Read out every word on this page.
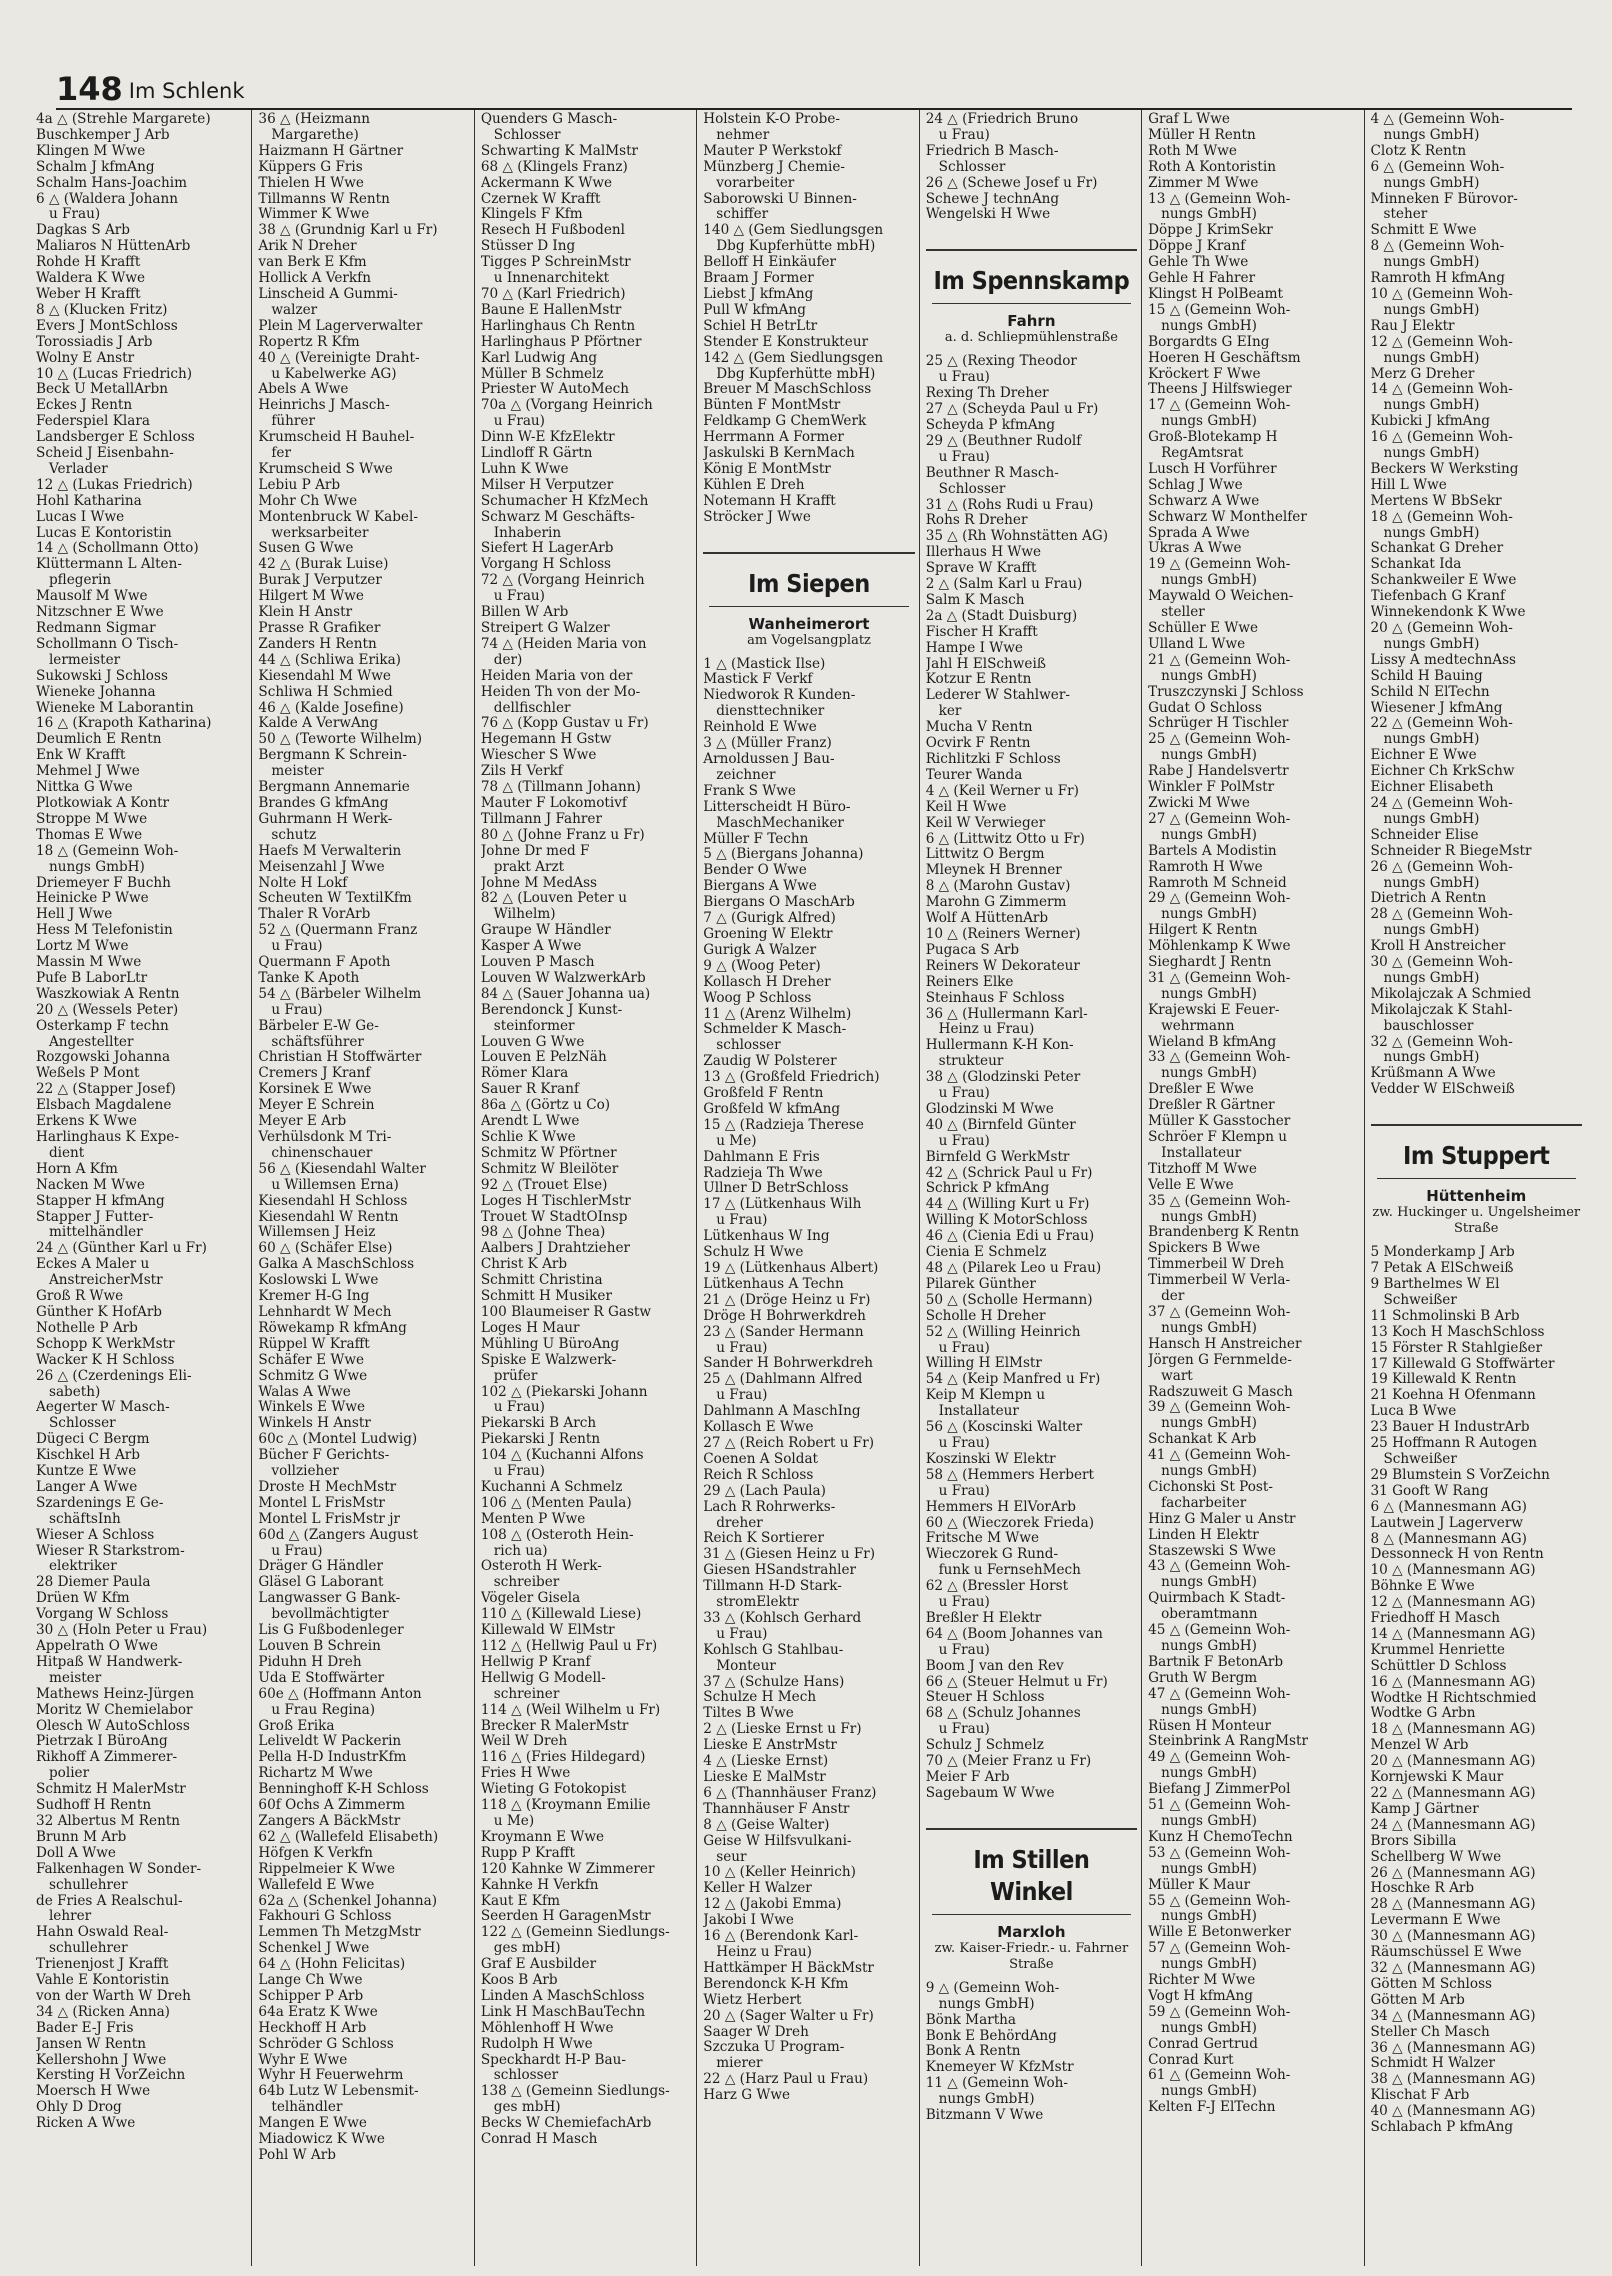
148 Im Schlenk
4a △ (Strehle Margarete)
Buschkemper J Arb
Klingen M Wwe
Schalm J kfmAng
Schalm Hans-Joachim
6 △ (Waldera Johann
u Frau)
Dagkas S Arb
Maliaros N HüttenArb
Rohde H Krafft
Waldera K Wwe
Weber H Krafft
8 △ (Klucken Fritz)
Evers J MontSchloss
Torossiadis J Arb
Wolny E Anstr
10 △ (Lucas Friedrich)
Beck U MetallArbn
Eckes J Rentn
Federspiel Klara
Landsberger E Schloss
Scheid J Eisenbahn-
Verlader
12 △ (Lukas Friedrich)
Hohl Katharina
Lucas I Wwe
Lucas E Kontoristin
14 △ (Schollmann Otto)
Klüttermann L Alten-
pflegerin
Mausolf M Wwe
Nitzschner E Wwe
Redmann Sigmar
Schollmann O Tisch-
lermeister
Sukowski J Schloss
Wieneke Johanna
Wieneke M Laborantin
16 △ (Krapoth Katharina)
Deumlich E Rentn
Enk W Krafft
Mehmel J Wwe
Nittka G Wwe
Plotkowiak A Kontr
Stroppe M Wwe
Thomas E Wwe
18 △ (Gemeinn Woh-
nungs GmbH)
Driemeyer F Buchh
Heinicke P Wwe
Hell J Wwe
Hess M Telefonistin
Lortz M Wwe
Massin M Wwe
Pufe B LaborLtr
Waszkowiak A Rentn
20 △ (Wessels Peter)
Osterkamp F techn
Angestellter
Rozgowski Johanna
Weßels P Mont
22 △ (Stapper Josef)
Elsbach Magdalene
Erkens K Wwe
Harlinghaus K Expe-
dient
Horn A Kfm
Nacken M Wwe
Stapper H kfmAng
Stapper J Futter-
mittelhändler
24 △ (Günther Karl u Fr)
Eckes A Maler u
AnstreicherMstr
Groß R Wwe
Günther K HofArb
Nothelle P Arb
Schopp K WerkMstr
Wacker K H Schloss
26 △ (Czerdenings Eli-
sabeth)
Aegerter W Masch-
Schlosser
Dügeci C Bergm
Kischkel H Arb
Kuntze E Wwe
Langer A Wwe
Szardenings E Ge-
schäftsInh
Wieser A Schloss
Wieser R Starkstrom-
elektriker
28 Diemer Paula
Drüen W Kfm
Vorgang W Schloss
30 △ (Holn Peter u Frau)
Appelrath O Wwe
Hitpaß W Handwerk-
meister
Mathews Heinz-Jürgen
Moritz W Chemielabor
Olesch W AutoSchloss
Pietrzak I BüroAng
Rikhoff A Zimmerer-
polier
Schmitz H MalerMstr
Sudhoff H Rentn
32 Albertus M Rentn
Brunn M Arb
Doll A Wwe
Falkenhagen W Sonder-
schullehrer
de Fries A Realschul-
lehrer
Hahn Oswald Real-
schullehrer
Trienenjost J Krafft
Vahle E Kontoristin
von der Warth W Dreh
34 △ (Ricken Anna)
Bader E-J Fris
Jansen W Rentn
Kellershohn J Wwe
Kersting H VorZeichn
Moersch H Wwe
Ohly D Drog
Ricken A Wwe
36 △ (Heizmann
Margarethe)
Haizmann H Gärtner
Küppers G Fris
Thielen H Wwe
Tillmanns W Rentn
Wimmer K Wwe
38 △ (Grundnig Karl u Fr)
Arik N Dreher
van Berk E Kfm
Hollick A Verkfn
Linscheid A Gummi-
walzer
Plein M Lagerverwalter
Ropertz R Kfm
40 △ (Vereinigte Draht-
u Kabelwerke AG)
Abels A Wwe
Heinrichs J Masch-
führer
Krumscheid H Bauhel-
fer
Krumscheid S Wwe
Lebiu P Arb
Mohr Ch Wwe
Montenbruck W Kabel-
werksarbeiter
Susen G Wwe
42 △ (Burak Luise)
Burak J Verputzer
Hilgert M Wwe
Klein H Anstr
Prasse R Grafiker
Zanders H Rentn
44 △ (Schliwa Erika)
Kiesendahl M Wwe
Schliwa H Schmied
46 △ (Kalde Josefine)
Kalde A VerwAng
50 △ (Teworte Wilhelm)
Bergmann K Schrein-
meister
Bergmann Annemarie
Brandes G kfmAng
Guhrmann H Werk-
schutz
Haefs M Verwalterin
Meisenzahl J Wwe
Nolte H Lokf
Scheuten W TextilKfm
Thaler R VorArb
52 △ (Quermann Franz
u Frau)
Quermann F Apoth
Tanke K Apoth
54 △ (Bärbeler Wilhelm
u Frau)
Bärbeler E-W Ge-
schäftsführer
Christian H Stoffwärter
Cremers J Kranf
Korsinek E Wwe
Meyer E Schrein
Meyer E Arb
Verhülsdonk M Tri-
chinenschauer
56 △ (Kiesendahl Walter
u Willemsen Erna)
Kiesendahl H Schloss
Kiesendahl W Rentn
Willemsen J Heiz
60 △ (Schäfer Else)
Galka A MaschSchloss
Koslowski L Wwe
Kremer H-G Ing
Lehnhardt W Mech
Röwekamp R kfmAng
Rüppel W Krafft
Schäfer E Wwe
Schmitz G Wwe
Walas A Wwe
Winkels E Wwe
Winkels H Anstr
60c △ (Montel Ludwig)
Bücher F Gerichts-
vollzieher
Droste H MechMstr
Montel L FrisMstr
Montel L FrisMstr jr
60d △ (Zangers August
u Frau)
Dräger G Händler
Gläsel G Laborant
Langwasser G Bank-
bevollmächtigter
Lis G Fußbodenleger
Louven B Schrein
Piduhn H Dreh
Uda E Stoffwärter
60e △ (Hoffmann Anton
u Frau Regina)
Groß Erika
Leliveldt W Packerin
Pella H-D IndustrKfm
Richartz M Wwe
Benninghoff K-H Schloss
60f Ochs A Zimmerm
Zangers A BäckMstr
62 △ (Wallefeld Elisabeth)
Höfgen K Verkfn
Rippelmeier K Wwe
Wallefeld E Wwe
62a △ (Schenkel Johanna)
Fakhouri G Schloss
Lemmen Th MetzgMstr
Schenkel J Wwe
64 △ (Hohn Felicitas)
Lange Ch Wwe
Schipper P Arb
64a Eratz K Wwe
Heckhoff H Arb
Schröder G Schloss
Wyhr E Wwe
Wyhr H Feuerwehrm
64b Lutz W Lebensmit-
telhändler
Mangen E Wwe
Miadowicz K Wwe
Pohl W Arb
Quenders G Masch-
Schlosser
Schwarting K MalMstr
68 △ (Klingels Franz)
Ackermann K Wwe
Czernek W Krafft
Klingels F Kfm
Resech H Fußbodenl
Stüsser D Ing
Tigges P SchreinMstr
u Innenarchitekt
70 △ (Karl Friedrich)
Baune E HallenMstr
Harlinghaus Ch Rentn
Harlinghaus P Pförtner
Karl Ludwig Ang
Müller B Schmelz
Priester W AutoMech
70a △ (Vorgang Heinrich
u Frau)
Dinn W-E KfzElektr
Lindloff R Gärtn
Luhn K Wwe
Milser H Verputzer
Schumacher H KfzMech
Schwarz M Geschäfts-
Inhaberin
Siefert H LagerArb
Vorgang H Schloss
72 △ (Vorgang Heinrich
u Frau)
Billen W Arb
Streipert G Walzer
74 △ (Heiden Maria von
der)
Heiden Maria von der
Heiden Th von der Mo-
dellfischler
76 △ (Kopp Gustav u Fr)
Hegemann H Gstw
Wiescher S Wwe
Zils H Verkf
78 △ (Tillmann Johann)
Mauter F Lokomotivf
Tillmann J Fahrer
80 △ (Johne Franz u Fr)
Johne Dr med F
prakt Arzt
Johne M MedAss
82 △ (Louven Peter u
Wilhelm)
Graupe W Händler
Kasper A Wwe
Louven P Masch
Louven W WalzwerkArb
84 △ (Sauer Johanna ua)
Berendonck J Kunst-
steinformer
Louven G Wwe
Louven E PelzNäh
Römer Klara
Sauer R Kranf
86a △ (Görtz u Co)
Arendt L Wwe
Schlie K Wwe
Schmitz W Pförtner
Schmitz W Bleilöter
92 △ (Trouet Else)
Loges H TischlerMstr
Trouet W StadtOInsp
98 △ (Johne Thea)
Aalbers J Drahtzieher
Christ K Arb
Schmitt Christina
Schmitt H Musiker
100 Blaumeiser R Gastw
Loges H Maur
Mühling U BüroAng
Spiske E Walzwerk-
prüfer
102 △ (Piekarski Johann
u Frau)
Piekarski B Arch
Piekarski J Rentn
104 △ (Kuchanni Alfons
u Frau)
Kuchanni A Schmelz
106 △ (Menten Paula)
Menten P Wwe
108 △ (Osteroth Hein-
rich ua)
Osteroth H Werk-
schreiber
Vögeler Gisela
110 △ (Killewald Liese)
Killewald W ElMstr
112 △ (Hellwig Paul u Fr)
Hellwig P Kranf
Hellwig G Modell-
schreiner
114 △ (Weil Wilhelm u Fr)
Brecker R MalerMstr
Weil W Dreh
116 △ (Fries Hildegard)
Fries H Wwe
Wieting G Fotokopist
118 △ (Kroymann Emilie
u Me)
Kroymann E Wwe
Rupp P Krafft
120 Kahnke W Zimmerer
Kahnke H Verkfn
Kaut E Kfm
Seerden H GaragenMstr
122 △ (Gemeinn Siedlungs-
ges mbH)
Graf E Ausbilder
Koos B Arb
Linden A MaschSchloss
Link H MaschBauTechn
Möhlenhoff H Wwe
Rudolph H Wwe
Speckhardt H-P Bau-
schlosser
138 △ (Gemeinn Siedlungs-
ges mbH)
Becks W ChemiefachArb
Conrad H Masch
Holstein K-O Probe-
nehmer
Mauter P Werkstokf
Münzberg J Chemie-
vorarbeiter
Saborowski U Binnen-
schiffer
140 △ (Gem Siedlungsgen
Dbg Kupferhütte mbH)
Belloff H Einkäufer
Braam J Former
Liebst J kfmAng
Pull W kfmAng
Schiel H BetrLtr
Stender E Konstrukteur
142 △ (Gem Siedlungsgen
Dbg Kupferhütte mbH)
Breuer M MaschSchloss
Bünten F MontMstr
Feldkamp G ChemWerk
Herrmann A Former
Jaskulski B KernMach
König E MontMstr
Kühlen E Dreh
Notemann H Krafft
Ströcker J Wwe
Im Siepen
Wanheimerort
am Vogelsangplatz
1 △ (Mastick Ilse)
Mastick F Verkf
Niedworok R Kunden-
diensttechniker
Reinhold E Wwe
3 △ (Müller Franz)
Arnoldussen J Bau-
zeichner
Frank S Wwe
Litterscheidt H Büro-
MaschMechaniker
Müller F Techn
5 △ (Biergans Johanna)
Bender O Wwe
Biergans A Wwe
Biergans O MaschArb
7 △ (Gurigk Alfred)
Groening W Elektr
Gurigk A Walzer
9 △ (Woog Peter)
Kollasch H Dreher
Woog P Schloss
11 △ (Arenz Wilhelm)
Schmelder K Masch-
schlosser
Zaudig W Polsterer
13 △ (Großfeld Friedrich)
Großfeld F Rentn
Großfeld W kfmAng
15 △ (Radzieja Therese
u Me)
Dahlmann E Fris
Radzieja Th Wwe
Ullner D BetrSchloss
17 △ (Lütkenhaus Wilh
u Frau)
Lütkenhaus W Ing
Schulz H Wwe
19 △ (Lütkenhaus Albert)
Lütkenhaus A Techn
21 △ (Dröge Heinz u Fr)
Dröge H Bohrwerkdreh
23 △ (Sander Hermann
u Frau)
Sander H Bohrwerkdreh
25 △ (Dahlmann Alfred
u Frau)
Dahlmann A MaschIng
Kollasch E Wwe
27 △ (Reich Robert u Fr)
Coenen A Soldat
Reich R Schloss
29 △ (Lach Paula)
Lach R Rohrwerks-
dreher
Reich K Sortierer
31 △ (Giesen Heinz u Fr)
Giesen HSandstrahler
Tillmann H-D Stark-
stromElektr
33 △ (Kohlsch Gerhard
u Frau)
Kohlsch G Stahlbau-
Monteur
37 △ (Schulze Hans)
Schulze H Mech
Tiltes B Wwe
2 △ (Lieske Ernst u Fr)
Lieske E AnstrMstr
4 △ (Lieske Ernst)
Lieske E MalMstr
6 △ (Thannhäuser Franz)
Thannhäuser F Anstr
8 △ (Geise Walter)
Geise W Hilfsvulkani-
seur
10 △ (Keller Heinrich)
Keller H Walzer
12 △ (Jakobi Emma)
Jakobi I Wwe
16 △ (Berendonk Karl-
Heinz u Frau)
Hattkämper H BäckMstr
Berendonck K-H Kfm
Wietz Herbert
20 △ (Sager Walter u Fr)
Saager W Dreh
Szczuka U Program-
mierer
22 △ (Harz Paul u Frau)
Harz G Wwe
24 △ (Friedrich Bruno
u Frau)
Friedrich B Masch-
Schlosser
26 △ (Schewe Josef u Fr)
Schewe J technAng
Wengelski H Wwe
Im Spennskamp
Fahrn
a. d. Schliepmühlenstraße
25 △ (Rexing Theodor
u Frau)
Rexing Th Dreher
27 △ (Scheyda Paul u Fr)
Scheyda P kfmAng
29 △ (Beuthner Rudolf
u Frau)
Beuthner R Masch-
Schlosser
31 △ (Rohs Rudi u Frau)
Rohs R Dreher
35 △ (Rh Wohnstätten AG)
Illerhaus H Wwe
Sprave W Krafft
2 △ (Salm Karl u Frau)
Salm K Masch
2a △ (Stadt Duisburg)
Fischer H Krafft
Hampe I Wwe
Jahl H ElSchweiß
Kotzur E Rentn
Lederer W Stahlwer-
ker
Mucha V Rentn
Ocvirk F Rentn
Richlitzki F Schloss
Teurer Wanda
4 △ (Keil Werner u Fr)
Keil H Wwe
Keil W Verwieger
6 △ (Littwitz Otto u Fr)
Littwitz O Bergm
Mleynek H Brenner
8 △ (Marohn Gustav)
Marohn G Zimmerm
Wolf A HüttenArb
10 △ (Reiners Werner)
Pugaca S Arb
Reiners W Dekorateur
Reiners Elke
Steinhaus F Schloss
36 △ (Hullermann Karl-
Heinz u Frau)
Hullermann K-H Kon-
strukteur
38 △ (Glodzinski Peter
u Frau)
Glodzinski M Wwe
40 △ (Birnfeld Günter
u Frau)
Birnfeld G WerkMstr
42 △ (Schrick Paul u Fr)
Schrick P kfmAng
44 △ (Willing Kurt u Fr)
Willing K MotorSchloss
46 △ (Cienia Edi u Frau)
Cienia E Schmelz
48 △ (Pilarek Leo u Frau)
Pilarek Günther
50 △ (Scholle Hermann)
Scholle H Dreher
52 △ (Willing Heinrich
u Frau)
Willing H ElMstr
54 △ (Keip Manfred u Fr)
Keip M Klempn u
Installateur
56 △ (Koscinski Walter
u Frau)
Koszinski W Elektr
58 △ (Hemmers Herbert
u Frau)
Hemmers H ElVorArb
60 △ (Wieczorek Frieda)
Fritsche M Wwe
Wieczorek G Rund-
funk u FernsehMech
62 △ (Bressler Horst
u Frau)
Breßler H Elektr
64 △ (Boom Johannes van
u Frau)
Boom J van den Rev
66 △ (Steuer Helmut u Fr)
Steuer H Schloss
68 △ (Schulz Johannes
u Frau)
Schulz J Schmelz
70 △ (Meier Franz u Fr)
Meier F Arb
Sagebaum W Wwe
Im Stillen Winkel
Marxloh
zw. Kaiser-Friedr.- u. Fahrner Straße
9 △ (Gemeinn Woh-
nungs GmbH)
Bönk Martha
Bonk E BehördAng
Bonk A Rentn
Knemeyer W KfzMstr
11 △ (Gemeinn Woh-
nungs GmbH)
Bitzmann V Wwe
Graf L Wwe
Müller H Rentn
Roth M Wwe
Roth A Kontoristin
Zimmer M Wwe
13 △ (Gemeinn Woh-
nungs GmbH)
Döppe J KrimSekr
Döppe J Kranf
Gehle Th Wwe
Gehle H Fahrer
Klingst H PolBeamt
15 △ (Gemeinn Woh-
nungs GmbH)
Borgardts G EIng
Hoeren H Geschäftsm
Kröckert F Wwe
Theens J Hilfswieger
17 △ (Gemeinn Woh-
nungs GmbH)
Groß-Blotekamp H
RegAmtsrat
Lusch H Vorführer
Schlag J Wwe
Schwarz A Wwe
Schwarz W Monthelfer
Sprada A Wwe
Ukras A Wwe
19 △ (Gemeinn Woh-
nungs GmbH)
Maywald O Weichen-
steller
Schüller E Wwe
Ulland L Wwe
21 △ (Gemeinn Woh-
nungs GmbH)
Truszczynski J Schloss
Gudat O Schloss
Schrüger H Tischler
25 △ (Gemeinn Woh-
nungs GmbH)
Rabe J Handelsvertr
Winkler F PolMstr
Zwicki M Wwe
27 △ (Gemeinn Woh-
nungs GmbH)
Bartels A Modistin
Ramroth H Wwe
Ramroth M Schneid
29 △ (Gemeinn Woh-
nungs GmbH)
Hilgert K Rentn
Möhlenkamp K Wwe
Sieghardt J Rentn
31 △ (Gemeinn Woh-
nungs GmbH)
Krajewski E Feuer-
wehrmann
Wieland B kfmAng
33 △ (Gemeinn Woh-
nungs GmbH)
Dreßler E Wwe
Dreßler R Gärtner
Müller K Gasstocher
Schröer F Klempn u
Installateur
Titzhoff M Wwe
Velle E Wwe
35 △ (Gemeinn Woh-
nungs GmbH)
Brandenberg K Rentn
Spickers B Wwe
Timmerbeil W Dreh
Timmerbeil W Verla-
der
37 △ (Gemeinn Woh-
nungs GmbH)
Hansch H Anstreicher
Jörgen G Fernmelde-
wart
Radszuweit G Masch
39 △ (Gemeinn Woh-
nungs GmbH)
Schankat K Arb
41 △ (Gemeinn Woh-
nungs GmbH)
Cichonski St Post-
facharbeiter
Hinz G Maler u Anstr
Linden H Elektr
Staszewski S Wwe
43 △ (Gemeinn Woh-
nungs GmbH)
Quirmbach K Stadt-
oberamtmann
45 △ (Gemeinn Woh-
nungs GmbH)
Bartnik F BetonArb
Gruth W Bergm
47 △ (Gemeinn Woh-
nungs GmbH)
Rüsen H Monteur
Steinbrink A RangMstr
49 △ (Gemeinn Woh-
nungs GmbH)
Biefang J ZimmerPol
51 △ (Gemeinn Woh-
nungs GmbH)
Kunz H ChemoTechn
53 △ (Gemeinn Woh-
nungs GmbH)
Müller K Maur
55 △ (Gemeinn Woh-
nungs GmbH)
Wille E Betonwerker
57 △ (Gemeinn Woh-
nungs GmbH)
Richter M Wwe
Vogt H kfmAng
59 △ (Gemeinn Woh-
nungs GmbH)
Conrad Gertrud
Conrad Kurt
61 △ (Gemeinn Woh-
nungs GmbH)
Kelten F-J ElTechn
4 △ (Gemeinn Woh-
nungs GmbH)
Clotz K Rentn
6 △ (Gemeinn Woh-
nungs GmbH)
Minneken F Bürovor-
steher
Schmitt E Wwe
8 △ (Gemeinn Woh-
nungs GmbH)
Ramroth H kfmAng
10 △ (Gemeinn Woh-
nungs GmbH)
Rau J Elektr
12 △ (Gemeinn Woh-
nungs GmbH)
Merz G Dreher
14 △ (Gemeinn Woh-
nungs GmbH)
Kubicki J kfmAng
16 △ (Gemeinn Woh-
nungs GmbH)
Beckers W Werksting
Hill L Wwe
Mertens W BbSekr
18 △ (Gemeinn Woh-
nungs GmbH)
Schankat G Dreher
Schankat Ida
Schankweiler E Wwe
Tiefenbach G Kranf
Winnekendonk K Wwe
20 △ (Gemeinn Woh-
nungs GmbH)
Lissy A medtechnAss
Schild H Bauing
Schild N ElTechn
Wiesener J kfmAng
22 △ (Gemeinn Woh-
nungs GmbH)
Eichner E Wwe
Eichner Ch KrkSchw
Eichner Elisabeth
24 △ (Gemeinn Woh-
nungs GmbH)
Schneider Elise
Schneider R BiegeMstr
26 △ (Gemeinn Woh-
nungs GmbH)
Dietrich A Rentn
28 △ (Gemeinn Woh-
nungs GmbH)
Kroll H Anstreicher
30 △ (Gemeinn Woh-
nungs GmbH)
Mikolajczak A Schmied
Mikolajczak K Stahl-
bauschlosser
32 △ (Gemeinn Woh-
nungs GmbH)
Krüßmann A Wwe
Vedder W ElSchweiß
Im Stuppert
Hüttenheim
zw. Huckinger u. Ungelsheimer Straße
5 Monderkamp J Arb
7 Petak A ElSchweiß
9 Barthelmes W El
Schweißer
11 Schmolinski B Arb
13 Koch H MaschSchloss
15 Förster R Stahlgießer
17 Killewald G Stoffwärter
19 Killewald K Rentn
21 Koehna H Ofenmann
Luca B Wwe
23 Bauer H IndustrArb
25 Hoffmann R Autogen
Schweißer
29 Blumstein S VorZeichn
31 Gooft W Rang
6 △ (Mannesmann AG)
Lautwein J Lagerverw
8 △ (Mannesmann AG)
Dessonneck H von Rentn
10 △ (Mannesmann AG)
Böhnke E Wwe
12 △ (Mannesmann AG)
Friedhoff H Masch
14 △ (Mannesmann AG)
Krummel Henriette
Schüttler D Schloss
16 △ (Mannesmann AG)
Wodtke H Richtschmied
Wodtke G Arbn
18 △ (Mannesmann AG)
Menzel W Arb
20 △ (Mannesmann AG)
Kornjewski K Maur
22 △ (Mannesmann AG)
Kamp J Gärtner
24 △ (Mannesmann AG)
Brors Sibilla
Schellberg W Wwe
26 △ (Mannesmann AG)
Hoschke R Arb
28 △ (Mannesmann AG)
Levermann E Wwe
30 △ (Mannesmann AG)
Räumschüssel E Wwe
32 △ (Mannesmann AG)
Götten M Schloss
Götten M Arb
34 △ (Mannesmann AG)
Steller Ch Masch
36 △ (Mannesmann AG)
Schmidt H Walzer
38 △ (Mannesmann AG)
Klischat F Arb
40 △ (Mannesmann AG)
Schlabach P kfmAng
